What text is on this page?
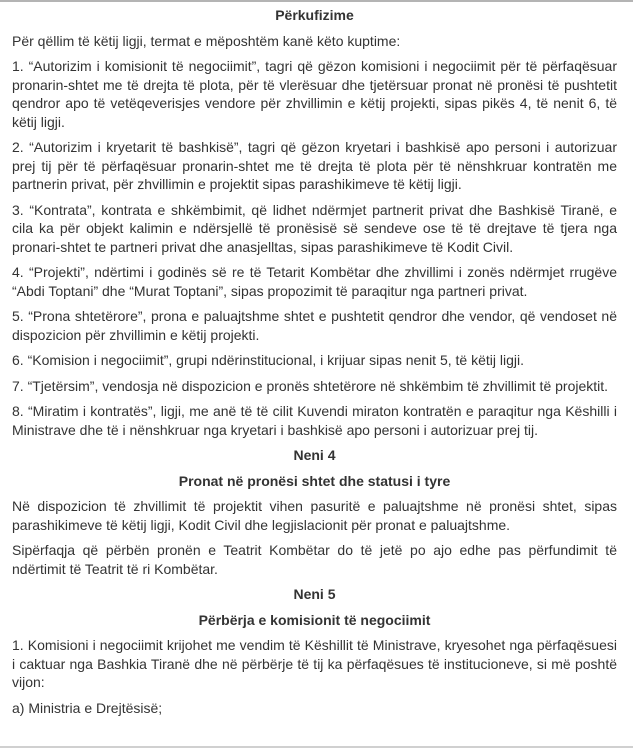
Përkufizime

Për qëllim të këtij ligji, termat e mëposhtëm kanë këto kuptime:

1. “Autorizim i komisionit të negociimit”, tagri që gëzon komisioni i negociimit për të përfaqësuar pronarin-shtet me të drejta të plota, për të vlerësuar dhe tjetërsuar pronat në pronësi të pushtetit qendror apo të vetëqeverisjes vendore për zhvillimin e këtij projekti, sipas pikës 4, të nenit 6, të këtij ligji.

2. “Autorizim i kryetarit të bashkisë”, tagri që gëzon kryetari i bashkisë apo personi i autorizuar prej tij për të përfaqësuar pronarin-shtet me të drejta të plota për të nënshkruar kontratën me partnerin privat, për zhvillimin e projektit sipas parashikimeve të këtij ligji.

3. “Kontrata”, kontrata e shkëmbimit, që lidhet ndërmjet partnerit privat dhe Bashkisë Tiranë, e cila ka për objekt kalimin e ndërsjellë të pronësisë së sendeve ose të të drejtave të tjera nga pronari-shtet te partneri privat dhe anasjelltas, sipas parashikimeve të Kodit Civil.

4. “Projekti”, ndërtimi i godinës së re të Tetarit Kombëtar dhe zhvillimi i zonës ndërmjet rrugëve “Abdi Toptani” dhe “Murat Toptani”, sipas propozimit të paraqitur nga partneri privat.

5. “Prona shtetërore”, prona e paluajtshme shtet e pushtetit qendror dhe vendor, që vendoset në dispozicion për zhvillimin e këtij projekti.

6. “Komision i negociimit”, grupi ndërinstitucional, i krijuar sipas nenit 5, të këtij ligji.

7. “Tjetërsim”, vendosja në dispozicion e pronës shtetërore në shkëmbim të zhvillimit të projektit.

8. “Miratim i kontratës”, ligji, me anë të të cilit Kuvendi miraton kontratën e paraqitur nga Këshilli i Ministrave dhe të i nënshkruar nga kryetari i bashkisë apo personi i autorizuar prej tij.

Neni 4

Pronat në pronësi shtet dhe statusi i tyre

Në dispozicion të zhvillimit të projektit vihen pasuritë e paluajtshme në pronësi shtet, sipas parashikimeve të këtij ligji, Kodit Civil dhe legjislacionit për pronat e paluajtshme.

Sipërfaqja që përbën pronën e Teatrit Kombëtar do të jetë po ajo edhe pas përfundimit të ndërtimit të Teatrit të ri Kombëtar.

Neni 5

Përbërja e komisionit të negociimit

1. Komisioni i negociimit krijohet me vendim të Këshillit të Ministrave, kryesohet nga përfaqësuesi i caktuar nga Bashkia Tiranë dhe në përbërje të tij ka përfaqësues të institucioneve, si më poshtë vijon:

a) Ministria e Drejtësisë;
